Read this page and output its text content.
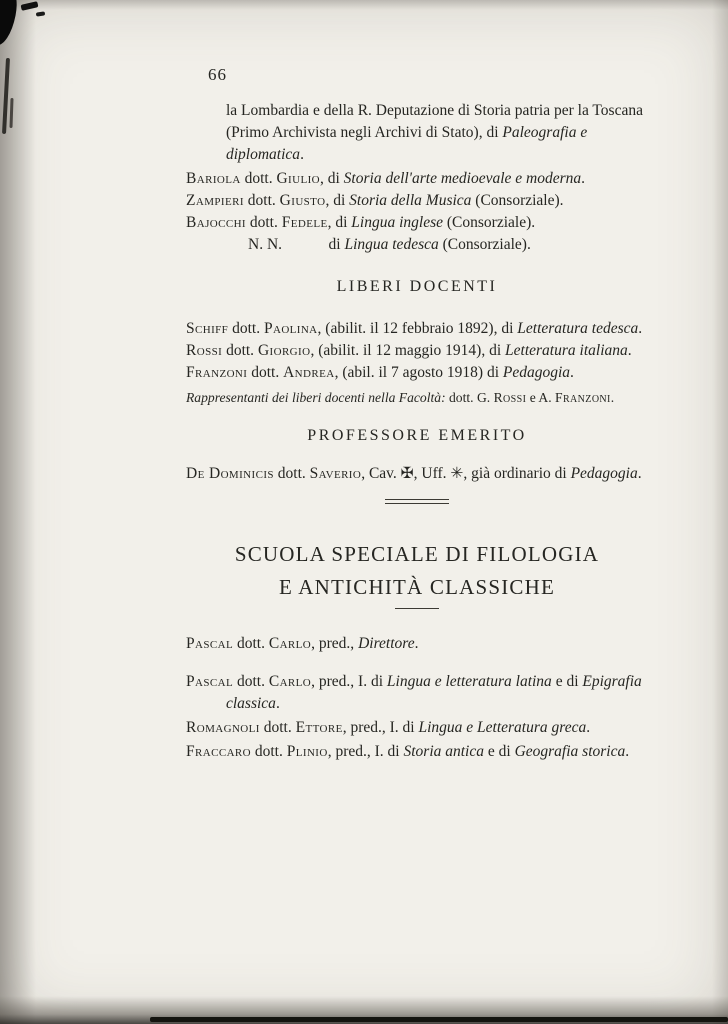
66

la Lombardia e della R. Deputazione di Storia patria per la Toscana (Primo Archivista negli Archivi di Stato), di Paleografia e diplomatica.

Bariola dott. Giulio, di Storia dell'arte medioevale e moderna.

Zampieri dott. Giusto, di Storia della Musica (Consorziale).

Bajocchi dott. Fedele, di Lingua inglese (Consorziale).

N. N.            di Lingua tedesca (Consorziale).

LIBERI DOCENTI

Schiff dott. Paolina, (abilit. il 12 febbraio 1892), di Letteratura tedesca.

Rossi dott. Giorgio, (abilit. il 12 maggio 1914), di Letteratura italiana.

Franzoni dott. Andrea, (abil. il 7 agosto 1918) di Pedagogia.

Rappresentanti dei liberi docenti nella Facoltà: dott. G. Rossi e A. Franzoni.

PROFESSORE EMERITO

De Dominicis dott. Saverio, Cav. ✠, Uff. ✳, già ordinario di Pedagogia.

SCUOLA SPECIALE DI FILOLOGIA
E ANTICHITÀ CLASSICHE

Pascal dott. Carlo, pred., Direttore.

Pascal dott. Carlo, pred., I. di Lingua e letteratura latina e di Epigrafia classica.

Romagnoli dott. Ettore, pred., I. di Lingua e Letteratura greca.

Fraccaro dott. Plinio, pred., I. di Storia antica e di Geografia storica.
